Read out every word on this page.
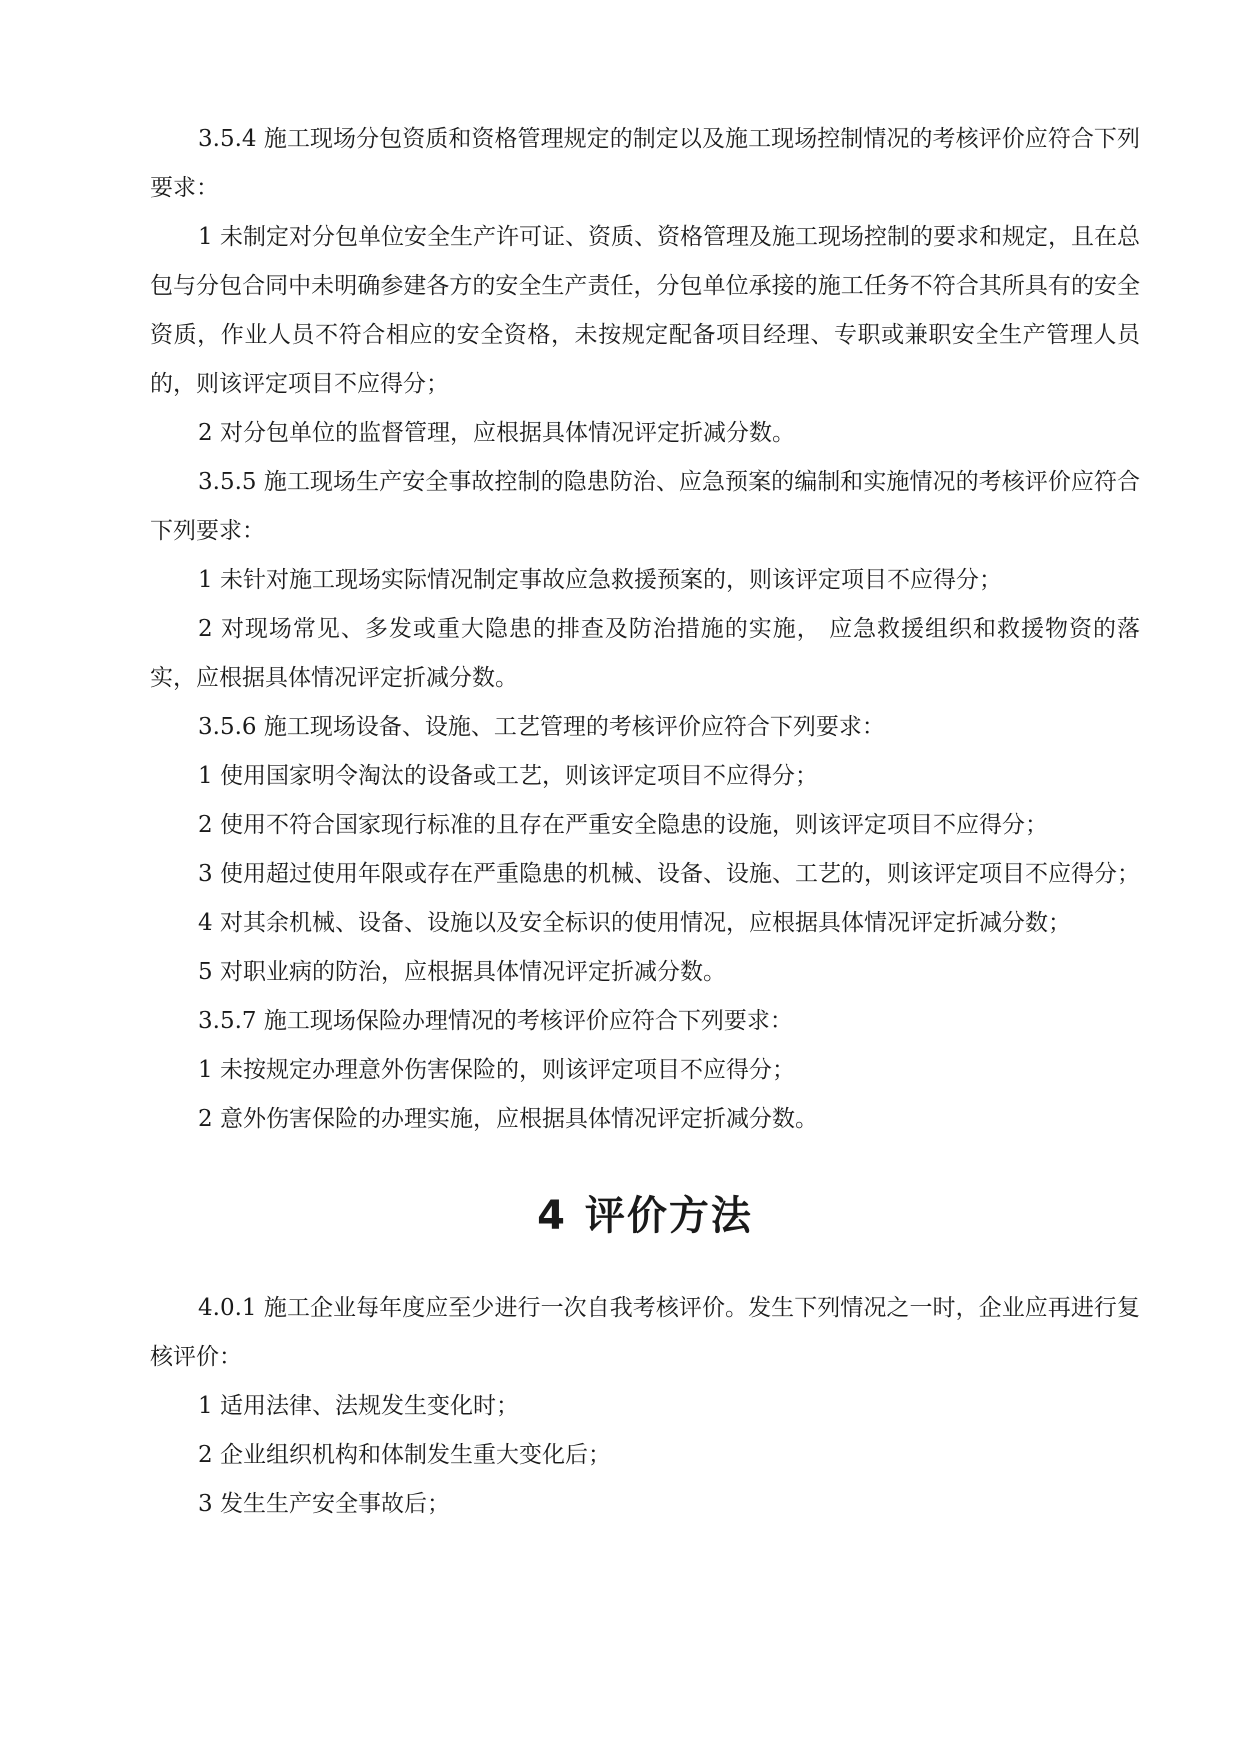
3.5.4 施工现场分包资质和资格管理规定的制定以及施工现场控制情况的考核评价应符合下列要求：

1 未制定对分包单位安全生产许可证、资质、资格管理及施工现场控制的要求和规定，且在总包与分包合同中未明确参建各方的安全生产责任，分包单位承接的施工任务不符合其所具有的安全资质，作业人员不符合相应的安全资格，未按规定配备项目经理、专职或兼职安全生产管理人员的，则该评定项目不应得分；

2 对分包单位的监督管理，应根据具体情况评定折减分数。

3.5.5 施工现场生产安全事故控制的隐患防治、应急预案的编制和实施情况的考核评价应符合下列要求：

1 未针对施工现场实际情况制定事故应急救援预案的，则该评定项目不应得分；

2 对现场常见、多发或重大隐患的排查及防治措施的实施， 应急救援组织和救援物资的落实，应根据具体情况评定折减分数。

3.5.6 施工现场设备、设施、工艺管理的考核评价应符合下列要求：

1 使用国家明令淘汰的设备或工艺，则该评定项目不应得分；

2 使用不符合国家现行标准的且存在严重安全隐患的设施，则该评定项目不应得分；

3 使用超过使用年限或存在严重隐患的机械、设备、设施、工艺的，则该评定项目不应得分；

4 对其余机械、设备、设施以及安全标识的使用情况，应根据具体情况评定折减分数；

5 对职业病的防治，应根据具体情况评定折减分数。

3.5.7 施工现场保险办理情况的考核评价应符合下列要求：

1 未按规定办理意外伤害保险的，则该评定项目不应得分；

2 意外伤害保险的办理实施，应根据具体情况评定折减分数。

4 评价方法

4.0.1 施工企业每年度应至少进行一次自我考核评价。发生下列情况之一时，企业应再进行复核评价：

1 适用法律、法规发生变化时；

2 企业组织机构和体制发生重大变化后；

3 发生生产安全事故后；
